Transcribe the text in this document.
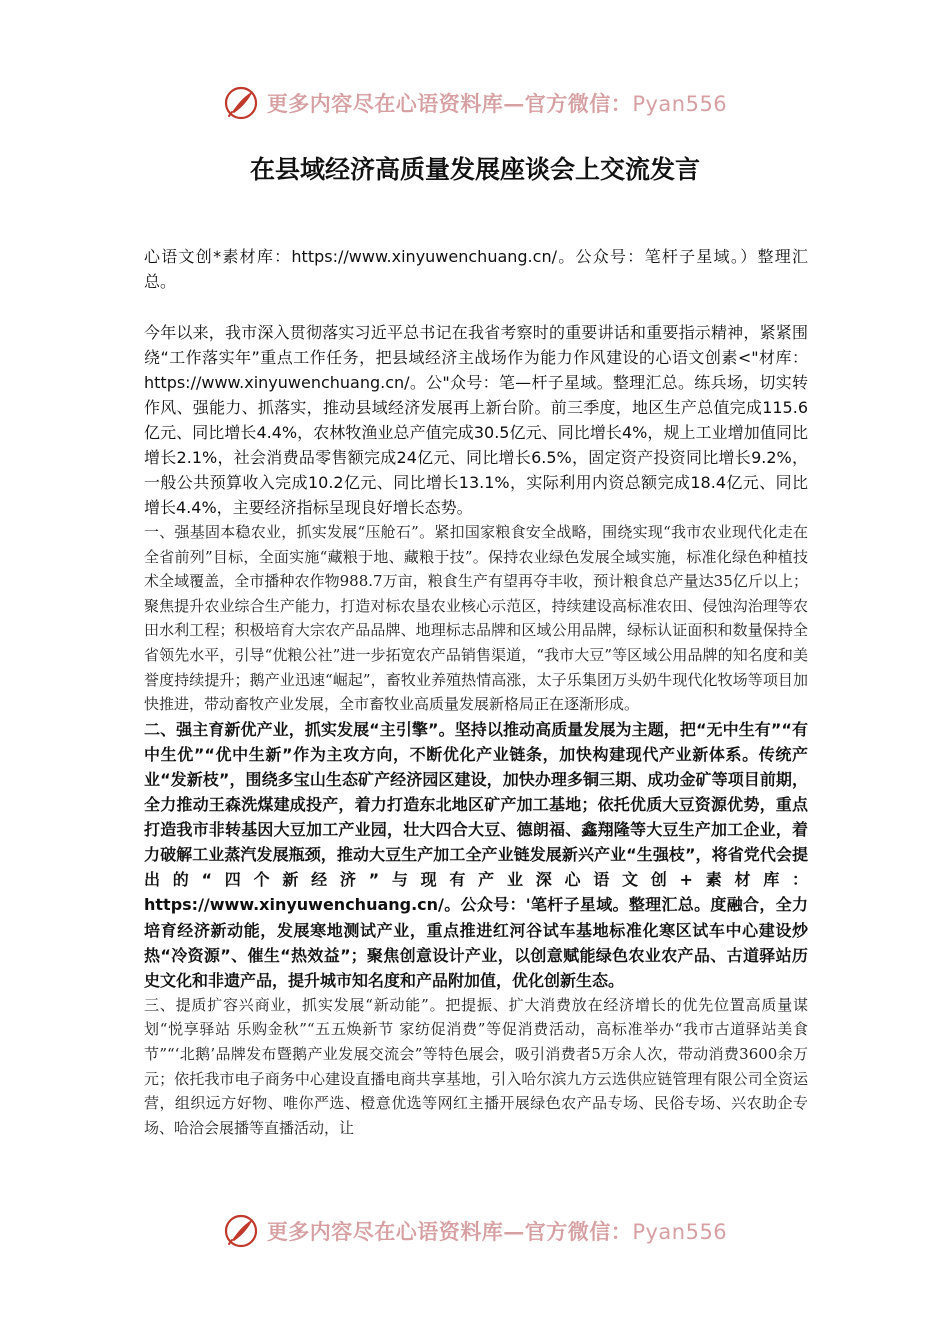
更多内容尽在心语资料库—官方微信：Pyan556
在县域经济高质量发展座谈会上交流发言

心语文创*素材库：https://www.xinyuwenchuang.cn/。公众号：笔杆子星域。）整理汇总。

今年以来，我市深入贯彻落实习近平总书记在我省考察时的重要讲话和重要指示精神，紧紧围绕“工作落实年”重点工作任务，把县域经济主战场作为能力作风建设的心语文创素<"材库：https://www.xinyuwenchuang.cn/。公"众号：笔—杆子星域。整理汇总。练兵场，切实转作风、强能力、抓落实，推动县域经济发展再上新台阶。前三季度，地区生产总值完成115.6亿元、同比增长4.4%，农林牧渔业总产值完成30.5亿元、同比增长4%，规上工业增加值同比增长2.1%，社会消费品零售额完成24亿元、同比增长6.5%，固定资产投资同比增长9.2%，一般公共预算收入完成10.2亿元、同比增长13.1%，实际利用内资总额完成18.4亿元、同比增长4.4%，主要经济指标呈现良好增长态势。

一、强基固本稳农业，抓实发展“压舱石”。紧扣国家粮食安全战略，围绕实现“我市农业现代化走在全省前列”目标，全面实施“藏粮于地、藏粮于技”。保持农业绿色发展全域实施，标准化绿色种植技术全域覆盖，全市播种农作物988.7万亩，粮食生产有望再夺丰收，预计粮食总产量达35亿斤以上；聚焦提升农业综合生产能力，打造对标农垦农业核心示范区，持续建设高标准农田、侵蚀沟治理等农田水利工程；积极培育大宗农产品品牌、地理标志品牌和区域公用品牌，绿标认证面积和数量保持全省领先水平，引导“优粮公社”进一步拓宽农产品销售渠道，“我市大豆”等区域公用品牌的知名度和美誉度持续提升；鹅产业迅速“崛起”，畜牧业养殖热情高涨，太子乐集团万头奶牛现代化牧场等项目加快推进，带动畜牧产业发展，全市畜牧业高质量发展新格局正在逐渐形成。

二、强主育新优产业，抓实发展“主引擎”。坚持以推动高质量发展为主题，把“无中生有”“有中生优”“优中生新”作为主攻方向，不断优化产业链条，加快构建现代产业新体系。传统产业“发新枝”，围绕多宝山生态矿产经济园区建设，加快办理多铜三期、成功金矿等项目前期，全力推动王森洗煤建成投产，着力打造东北地区矿产加工基地；依托优质大豆资源优势，重点打造我市非转基因大豆加工产业园，壮大四合大豆、德朗福、鑫翔隆等大豆生产加工企业，着力破解工业蒸汽发展瓶颈，推动大豆生产加工全产业链发展新兴产业“生强枝”，将省党代会提出的“四个新经济”与现有产业深心语文创+素材库：https://www.xinyuwenchuang.cn/。公众号：'笔杆子星域。整理汇总。度融合，全力培育经济新动能，发展寒地测试产业，重点推进红河谷试车基地标准化寒区试车中心建设炒热“冷资源”、催生“热效益”；聚焦创意设计产业，以创意赋能绿色农业农产品、古道驿站历史文化和非遗产品，提升城市知名度和产品附加值，优化创新生态。

三、提质扩容兴商业，抓实发展“新动能”。把提振、扩大消费放在经济增长的优先位置高质量谋划“悦享驿站 乐购金秋”“五五焕新节 家纺促消费”等促消费活动，高标准举办“我市古道驿站美食节”“‘北鹅’品牌发布暨鹅产业发展交流会”等特色展会，吸引消费者5万余人次，带动消费3600余万元；依托我市电子商务中心建设直播电商共享基地，引入哈尔滨九方云选供应链管理有限公司全资运营，组织远方好物、唯你严选、橙意优选等网红主播开展绿色农产品专场、民俗专场、兴农助企专场、哈洽会展播等直播活动，让

更多内容尽在心语资料库—官方微信：Pyan556
